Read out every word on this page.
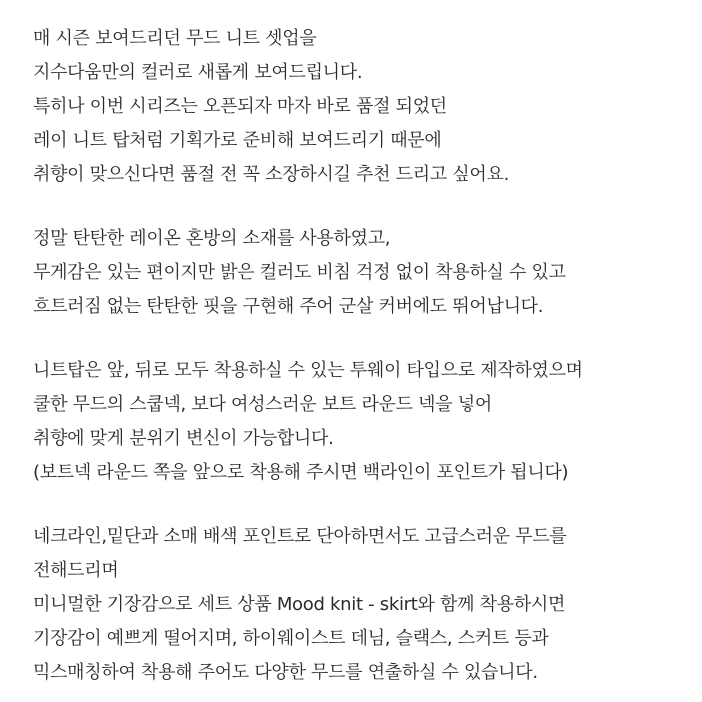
매 시즌 보여드리던 무드 니트 셋업을
지수다움만의 컬러로 새롭게 보여드립니다.
특히나 이번 시리즈는 오픈되자 마자 바로 품절 되었던
레이 니트 탑처럼 기획가로 준비해 보여드리기 때문에
취향이 맞으신다면 품절 전 꼭 소장하시길 추천 드리고 싶어요.
정말 탄탄한 레이온 혼방의 소재를 사용하였고,
무게감은 있는 편이지만 밝은 컬러도 비침 걱정 없이 착용하실 수 있고
흐트러짐 없는 탄탄한 핏을 구현해 주어 군살 커버에도 뛰어납니다.
니트탑은 앞, 뒤로 모두 착용하실 수 있는 투웨이 타입으로 제작하였으며
쿨한 무드의 스쿱넥, 보다 여성스러운 보트 라운드 넥을 넣어
취향에 맞게 분위기 변신이 가능합니다.
(보트넥 라운드 쪽을 앞으로 착용해 주시면 백라인이 포인트가 됩니다)
네크라인,밑단과 소매 배색 포인트로 단아하면서도 고급스러운 무드를
전해드리며
미니멀한 기장감으로 세트 상품 Mood knit - skirt와 함께 착용하시면
기장감이 예쁘게 떨어지며, 하이웨이스트 데님, 슬랙스, 스커트 등과
믹스매칭하여 착용해 주어도 다양한 무드를 연출하실 수 있습니다.
